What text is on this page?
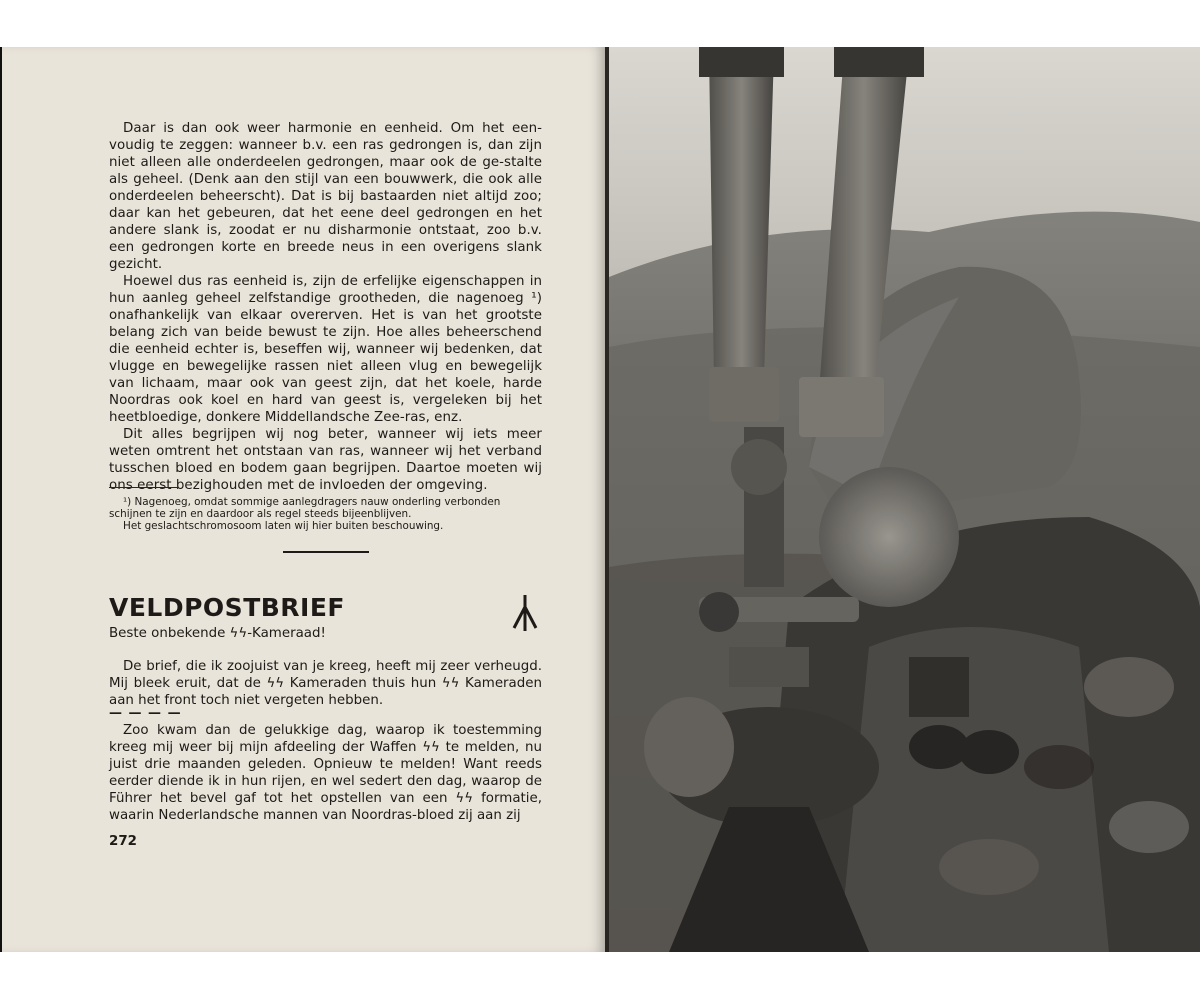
Daar is dan ook weer harmonie en eenheid. Om het een-voudig te zeggen: wanneer b.v. een ras gedrongen is, dan zijn niet alleen alle onderdeelen gedrongen, maar ook de ge-stalte als geheel. (Denk aan den stijl van een bouwwerk, die ook alle onderdeelen beheerscht). Dat is bij bastaarden niet altijd zoo; daar kan het gebeuren, dat het eene deel gedrongen en het andere slank is, zoodat er nu disharmonie ontstaat, zoo b.v. een gedrongen korte en breede neus in een overigens slank gezicht.

Hoewel dus ras eenheid is, zijn de erfelijke eigenschappen in hun aanleg geheel zelfstandige grootheden, die nagenoeg ¹) onafhankelijk van elkaar overerven. Het is van het grootste belang zich van beide bewust te zijn. Hoe alles beheerschend die eenheid echter is, beseffen wij, wanneer wij bedenken, dat vlugge en bewegelijke rassen niet alleen vlug en bewegelijk van lichaam, maar ook van geest zijn, dat het koele, harde Noordras ook koel en hard van geest is, vergeleken bij het heetbloedige, donkere Middellandsche Zee-ras, enz.

Dit alles begrijpen wij nog beter, wanneer wij iets meer weten omtrent het ontstaan van ras, wanneer wij het verband tusschen bloed en bodem gaan begrijpen. Daartoe moeten wij ons eerst bezighouden met de invloeden der omgeving.

¹) Nagenoeg, omdat sommige aanlegdragers nauw onderling verbonden schijnen te zijn en daardoor als regel steeds bijeenblijven.

Het geslachtschromosoom laten wij hier buiten beschouwing.

VELDPOSTBRIEF
Beste onbekende ϟϟ-Kameraad!

De brief, die ik zoojuist van je kreeg, heeft mij zeer verheugd. Mij bleek eruit, dat de ϟϟ Kameraden thuis hun ϟϟ Kameraden aan het front toch niet vergeten hebben.

— — — —

Zoo kwam dan de gelukkige dag, waarop ik toestemming kreeg mij weer bij mijn afdeeling der Waffen ϟϟ te melden, nu juist drie maanden geleden. Opnieuw te melden! Want reeds eerder diende ik in hun rijen, en wel sedert den dag, waarop de Führer het bevel gaf tot het opstellen van een ϟϟ formatie, waarin Nederlandsche mannen van Noordras-bloed zij aan zij

272
